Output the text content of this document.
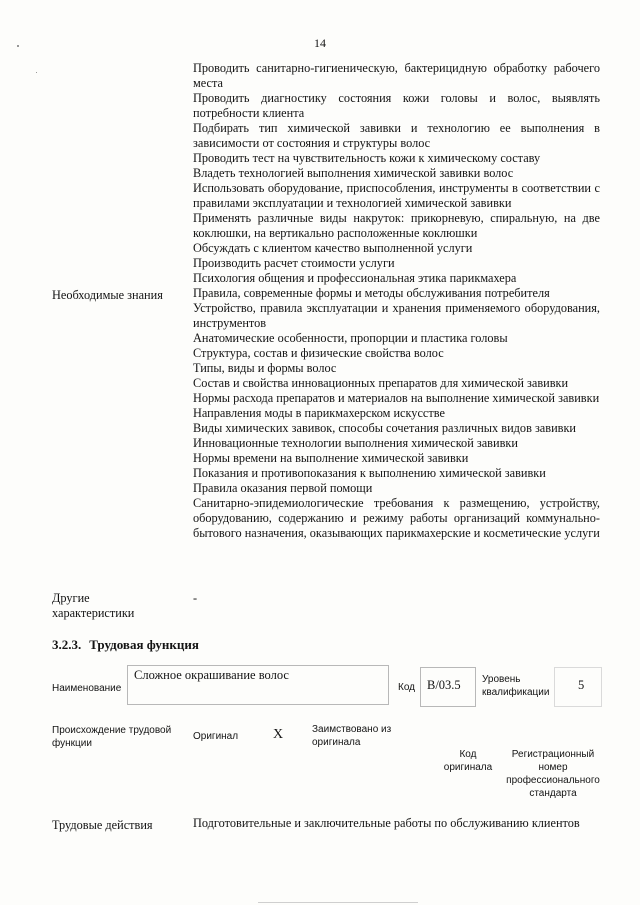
14
Проводить санитарно-гигиеническую, бактерицидную обработку рабочего места
Проводить диагностику состояния кожи головы и волос, выявлять потребности клиента
Подбирать тип химической завивки и технологию ее выполнения в зависимости от состояния и структуры волос
Проводить тест на чувствительность кожи к химическому составу
Владеть технологией выполнения химической завивки волос
Использовать оборудование, приспособления, инструменты в соответствии с правилами эксплуатации и технологией химической завивки
Применять различные виды накруток: прикорневую, спиральную, на две коклюшки, на вертикально расположенные коклюшки
Обсуждать с клиентом качество выполненной услуги
Производить расчет стоимости услуги
Психология общения и профессиональная этика парикмахера
Правила, современные формы и методы обслуживания потребителя
Устройство, правила эксплуатации и хранения применяемого оборудования, инструментов
Анатомические особенности, пропорции и пластика головы
Структура, состав и физические свойства волос
Типы, виды и формы волос
Состав и свойства инновационных препаратов для химической завивки
Нормы расхода препаратов и материалов на выполнение химической завивки
Направления моды в парикмахерском искусстве
Виды химических завивок, способы сочетания различных видов завивки
Инновационные технологии выполнения химической завивки
Нормы времени на выполнение химической завивки
Показания и противопоказания к выполнению химической завивки
Правила оказания первой помощи
Санитарно-эпидемиологические требования к размещению, устройству, оборудованию, содержанию и режиму работы организаций коммунально-бытового назначения, оказывающих парикмахерские и косметические услуги
Необходимые знания
Другие
характеристики
-
3.2.3. Трудовая функция
Наименование
Сложное окрашивание волос
Код B/03.5 Уровень
квалификации
5
Происхождение трудовой
функции
Оригинал X	Заимствовано из
оригинала
Код
оригинала
Регистрационный
номер
профессионального
стандарта
Трудовые действия	Подготовительные и заключительные работы по обслуживанию клиентов
